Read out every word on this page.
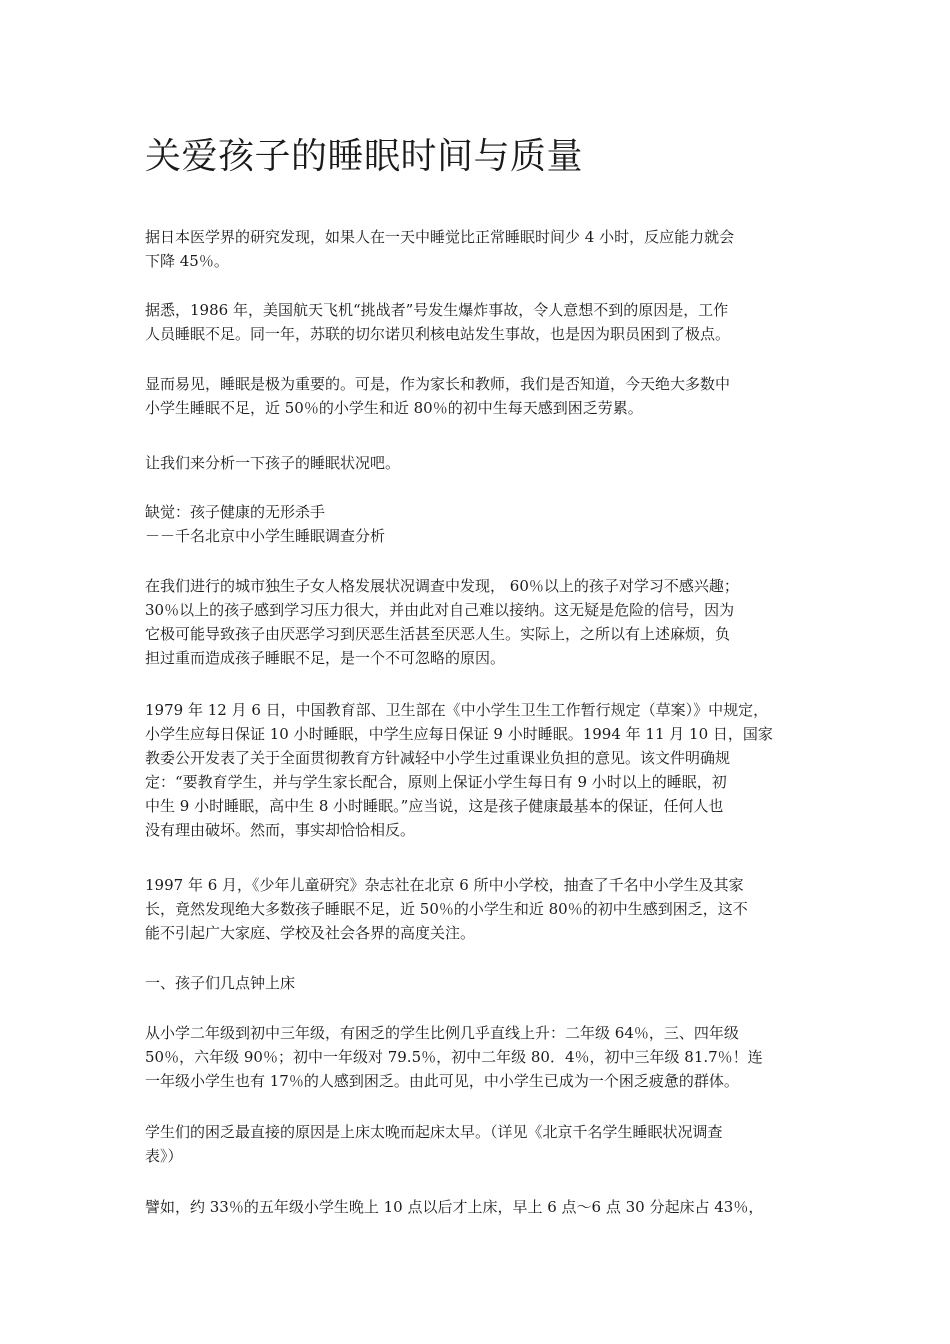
关爱孩子的睡眠时间与质量
据日本医学界的研究发现，如果人在一天中睡觉比正常睡眠时间少 4 小时，反应能力就会
下降 45％。
据悉，1986 年，美国航天飞机“挑战者”号发生爆炸事故，令人意想不到的原因是，工作
人员睡眠不足。同一年，苏联的切尔诺贝利核电站发生事故，也是因为职员困到了极点。
显而易见，睡眠是极为重要的。可是，作为家长和教师，我们是否知道，今天绝大多数中
小学生睡眠不足，近 50％的小学生和近 80％的初中生每天感到困乏劳累。
让我们来分析一下孩子的睡眠状况吧。
缺觉：孩子健康的无形杀手
－－千名北京中小学生睡眠调查分析
在我们进行的城市独生子女人格发展状况调查中发现， 60％以上的孩子对学习不感兴趣；
30％以上的孩子感到学习压力很大，并由此对自己难以接纳。这无疑是危险的信号，因为
它极可能导致孩子由厌恶学习到厌恶生活甚至厌恶人生。实际上，之所以有上述麻烦，负
担过重而造成孩子睡眠不足，是一个不可忽略的原因。
1979 年 12 月 6 日，中国教育部、卫生部在《中小学生卫生工作暂行规定（草案）》中规定，
小学生应每日保证 10 小时睡眠，中学生应每日保证 9 小时睡眠。1994 年 11 月 10 日，国家
教委公开发表了关于全面贯彻教育方针减轻中小学生过重课业负担的意见。该文件明确规
定：“要教育学生，并与学生家长配合，原则上保证小学生每日有 9 小时以上的睡眠，初
中生 9 小时睡眠，高中生 8 小时睡眠。”应当说，这是孩子健康最基本的保证，任何人也
没有理由破坏。然而，事实却恰恰相反。
1997 年 6 月，《少年儿童研究》杂志社在北京 6 所中小学校，抽查了千名中小学生及其家
长，竟然发现绝大多数孩子睡眠不足，近 50％的小学生和近 80％的初中生感到困乏，这不
能不引起广大家庭、学校及社会各界的高度关注。
一、孩子们几点钟上床
从小学二年级到初中三年级，有困乏的学生比例几乎直线上升：二年级 64％，三、四年级
50％，六年级 90％；初中一年级对 79.5％，初中二年级 80．4％，初中三年级 81.7％！连
一年级小学生也有 17％的人感到困乏。由此可见，中小学生已成为一个困乏疲惫的群体。
学生们的困乏最直接的原因是上床太晚而起床太早。（详见《北京千名学生睡眠状况调查
表》）
譬如，约 33％的五年级小学生晚上 10 点以后才上床，早上 6 点～6 点 30 分起床占 43％，
